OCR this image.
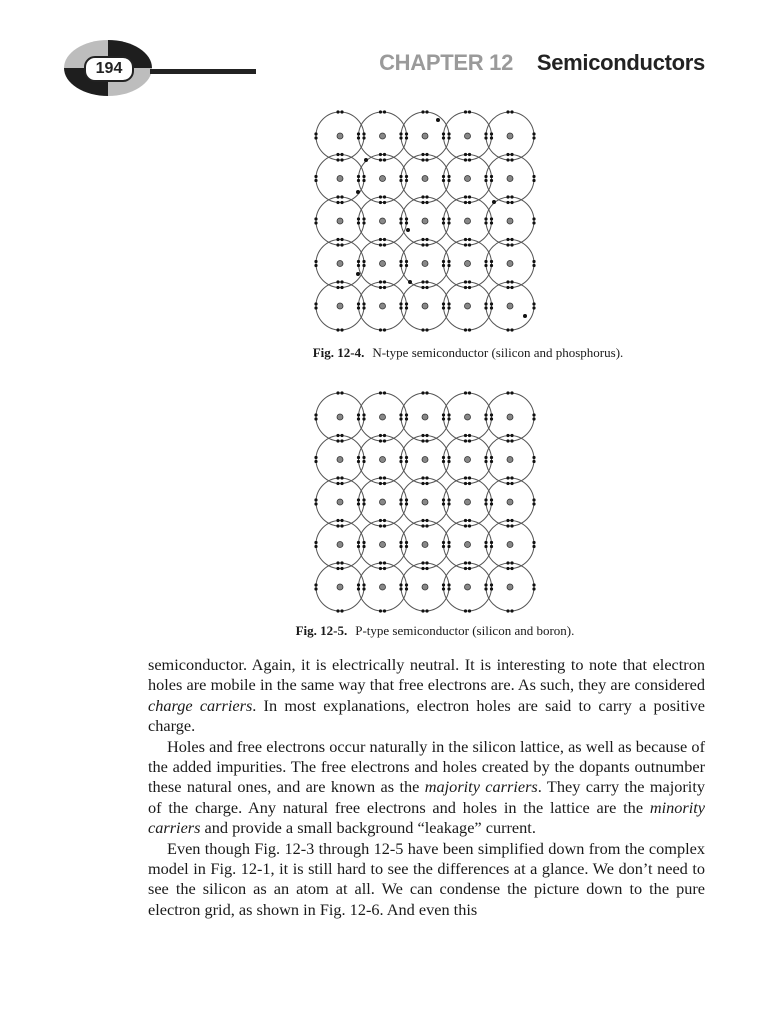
194	CHAPTER 12 Semiconductors
Fig. 12-4. N-type semiconductor (silicon and phosphorus).
Fig. 12-5. P-type semiconductor (silicon and boron).

semiconductor. Again, it is electrically neutral. It is interesting to note that electron holes are mobile in the same way that free electrons are. As such, they are considered charge carriers. In most explanations, electron holes are said to carry a positive charge.

Holes and free electrons occur naturally in the silicon lattice, as well as because of the added impurities. The free electrons and holes created by the dopants outnumber these natural ones, and are known as the majority carriers. They carry the majority of the charge. Any natural free electrons and holes in the lattice are the minority carriers and provide a small background “leakage” current.

Even though Fig. 12-3 through 12-5 have been simplified down from the complex model in Fig. 12-1, it is still hard to see the differences at a glance. We don’t need to see the silicon as an atom at all. We can condense the picture down to the pure electron grid, as shown in Fig. 12-6. And even this
